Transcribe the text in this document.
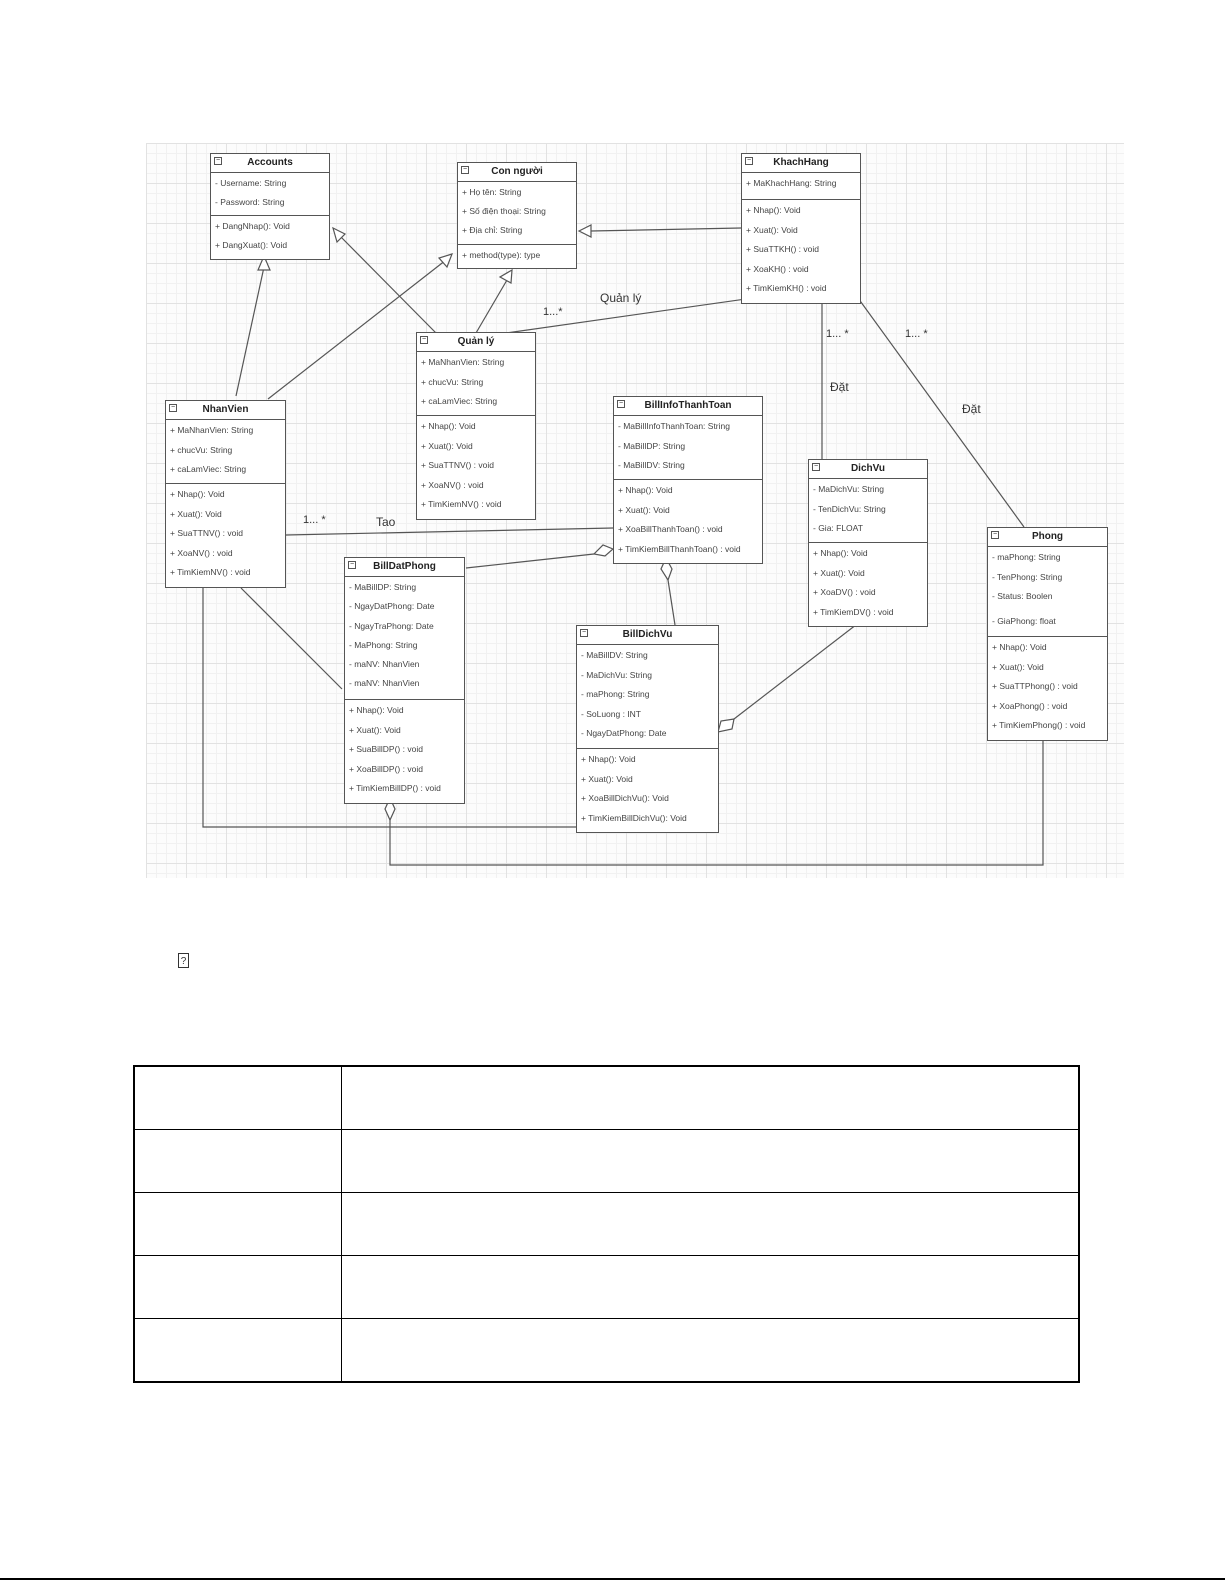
−	Accounts
- Username: String
- Password: String
+ DangNhap(): Void
+ DangXuat(): Void
− Con người
+ Họ tên: String
+ Số điện thoại: String
+ Địa chỉ: String
+ method(type): type
− KhachHang
+ MaKhachHang: String
+ Nhap(): Void
+ Xuat(): Void
+ SuaTTKH() : void
+ XoaKH() : void
+ TimKiemKH() : void
−	Quản lý
+ MaNhanVien: String
+ chucVu: String
+ caLamViec: String
+ Nhap(): Void
+ Xuat(): Void
+ SuaTTNV() : void
+ XoaNV() : void
+ TimKiemNV() : void
−	NhanVien
+ MaNhanVien: String
+ chucVu: String
+ caLamViec: String
+ Nhap(): Void
+ Xuat(): Void
+ SuaTTNV() : void
+ XoaNV() : void
+ TimKiemNV() : void
− BillInfoThanhToan
- MaBillInfoThanhToan: String
- MaBillDP: String
- MaBillDV: String
+ Nhap(): Void
+ Xuat(): Void
+ XoaBillThanhToan() : void
+ TimKiemBillThanhToan() : void
−	DichVu
- MaDichVu: String
- TenDichVu: String
- Gia: FLOAT
+ Nhap(): Void
+ Xuat(): Void
+ XoaDV() : void
+ TimKiemDV() : void
−	Phong
- maPhong: String
- TenPhong: String
- Status: Boolen
- GiaPhong: float
+ Nhap(): Void
+ Xuat(): Void
+ SuaTTPhong() : void
+ XoaPhong() : void
+ TimKiemPhong() : void
− BillDatPhong
- MaBillDP: String
- NgayDatPhong: Date
- NgayTraPhong: Date
- MaPhong: String
- maNV: NhanVien
- maNV: NhanVien
+ Nhap(): Void
+ Xuat(): Void
+ SuaBillDP() : void
+ XoaBillDP() : void
+ TimKiemBillDP() : void
−	BillDichVu
- MaBillDV: String
- MaDichVu: String
- maPhong: String
- SoLuong : INT
- NgayDatPhong: Date
+ Nhap(): Void
+ Xuat(): Void
+ XoaBillDichVu(): Void
+ TimKiemBillDichVu(): Void
Quản lý
1...*
1... *
Đặt
1... *
Đặt
1... *	Tao
?
